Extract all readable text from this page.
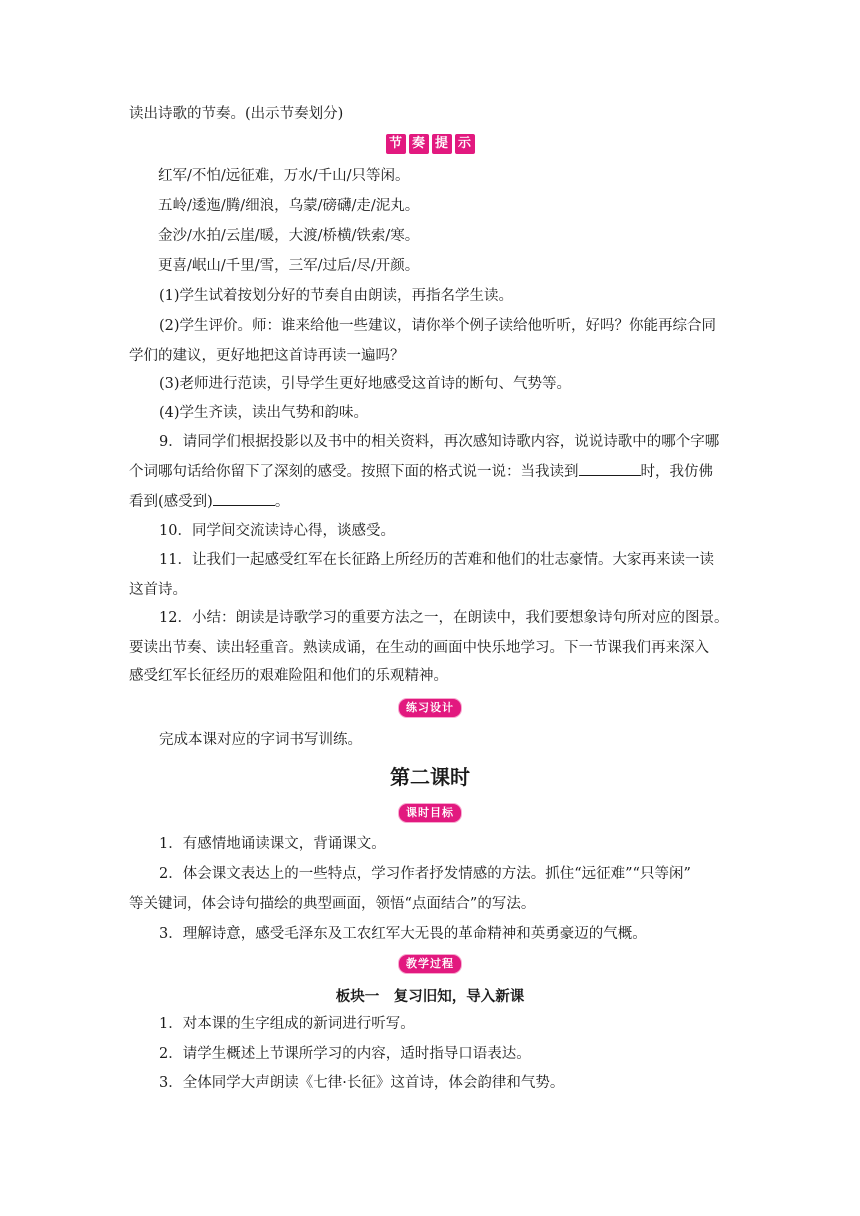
读出诗歌的节奏。(出示节奏划分)
节 奏 提 示
红军/不怕/远征难，万水/千山/只等闲。
五岭/逶迤/腾/细浪，乌蒙/磅礴/走/泥丸。
金沙/水拍/云崖/暖，大渡/桥横/铁索/寒。
更喜/岷山/千里/雪，三军/过后/尽/开颜。
(1)学生试着按划分好的节奏自由朗读，再指名学生读。
(2)学生评价。师：谁来给他一些建议，请你举个例子读给他听听，好吗？你能再综合同
学们的建议，更好地把这首诗再读一遍吗？
(3)老师进行范读，引导学生更好地感受这首诗的断句、气势等。
(4)学生齐读，读出气势和韵味。
9．请同学们根据投影以及书中的相关资料，再次感知诗歌内容，说说诗歌中的哪个字哪
个词哪句话给你留下了深刻的感受。按照下面的格式说一说：当我读到	时，我仿佛
看到(感受到)	。
10．同学间交流读诗心得，谈感受。
11．让我们一起感受红军在长征路上所经历的苦难和他们的壮志豪情。大家再来读一读
这首诗。
12．小结：朗读是诗歌学习的重要方法之一，在朗读中，我们要想象诗句所对应的图景。
要读出节奏、读出轻重音。熟读成诵，在生动的画面中快乐地学习。下一节课我们再来深入
感受红军长征经历的艰难险阻和他们的乐观精神。
练习设计
完成本课对应的字词书写训练。
第二课时
课时目标
1．有感情地诵读课文，背诵课文。
2．体会课文表达上的一些特点，学习作者抒发情感的方法。抓住“远征难”“只等闲”
等关键词，体会诗句描绘的典型画面，领悟“点面结合”的写法。
3．理解诗意，感受毛泽东及工农红军大无畏的革命精神和英勇豪迈的气概。
教学过程
板块一　复习旧知，导入新课
1．对本课的生字组成的新词进行听写。
2．请学生概述上节课所学习的内容，适时指导口语表达。
3．全体同学大声朗读《七律·长征》这首诗，体会韵律和气势。
